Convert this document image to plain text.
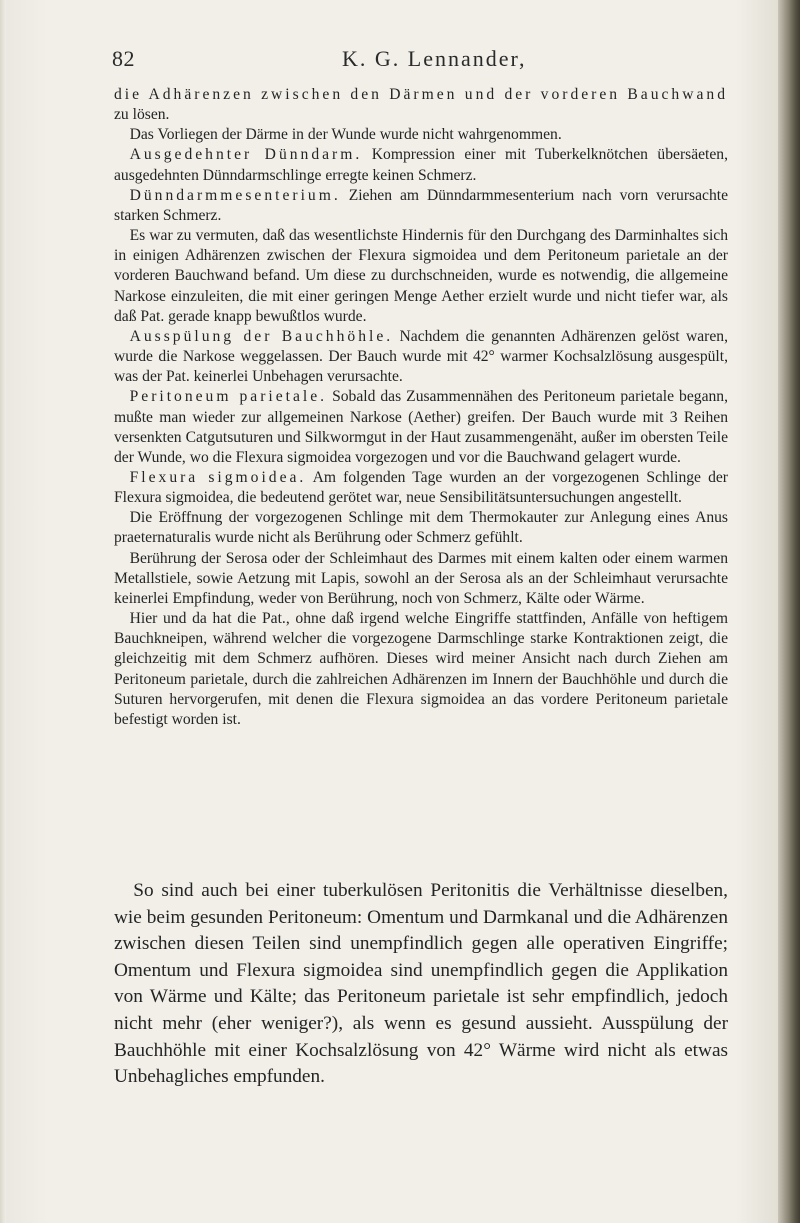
82	K. G. Lennander,

die Adhärenzen zwischen den Därmen und der vorderen Bauchwand zu lösen.

 Das Vorliegen der Därme in der Wunde wurde nicht wahrgenommen.

 Ausgedehnter Dünndarm. Kompression einer mit Tuberkelknötchen übersäeten, ausgedehnten Dünndarmschlinge erregte keinen Schmerz.

 Dünndarmmesenterium. Ziehen am Dünndarmmesenterium nach vorn verursachte starken Schmerz.

 Es war zu vermuten, daß das wesentlichste Hindernis für den Durchgang des Darminhaltes sich in einigen Adhärenzen zwischen der Flexura sigmoidea und dem Peritoneum parietale an der vorderen Bauchwand befand. Um diese zu durchschneiden, wurde es notwendig, die allgemeine Narkose einzuleiten, die mit einer geringen Menge Aether erzielt wurde und nicht tiefer war, als daß Pat. gerade knapp bewußtlos wurde.

 Ausspülung der Bauchhöhle. Nachdem die genannten Adhärenzen gelöst waren, wurde die Narkose weggelassen. Der Bauch wurde mit 42° warmer Kochsalzlösung ausgespült, was der Pat. keinerlei Unbehagen verursachte.

 Peritoneum parietale. Sobald das Zusammennähen des Peritoneum parietale begann, mußte man wieder zur allgemeinen Narkose (Aether) greifen. Der Bauch wurde mit 3 Reihen versenkten Catgutsuturen und Silkwormgut in der Haut zusammengenäht, außer im obersten Teile der Wunde, wo die Flexura sigmoidea vorgezogen und vor die Bauchwand gelagert wurde.

 Flexura sigmoidea. Am folgenden Tage wurden an der vorgezogenen Schlinge der Flexura sigmoidea, die bedeutend gerötet war, neue Sensibilitätsuntersuchungen angestellt.

 Die Eröffnung der vorgezogenen Schlinge mit dem Thermokauter zur Anlegung eines Anus praeternaturalis wurde nicht als Berührung oder Schmerz gefühlt.

 Berührung der Serosa oder der Schleimhaut des Darmes mit einem kalten oder einem warmen Metallstiele, sowie Aetzung mit Lapis, sowohl an der Serosa als an der Schleimhaut verursachte keinerlei Empfindung, weder von Berührung, noch von Schmerz, Kälte oder Wärme.

 Hier und da hat die Pat., ohne daß irgend welche Eingriffe stattfinden, Anfälle von heftigem Bauchkneipen, während welcher die vorgezogene Darmschlinge starke Kontraktionen zeigt, die gleichzeitig mit dem Schmerz aufhören. Dieses wird meiner Ansicht nach durch Ziehen am Peritoneum parietale, durch die zahlreichen Adhärenzen im Innern der Bauchhöhle und durch die Suturen hervorgerufen, mit denen die Flexura sigmoidea an das vordere Peritoneum parietale befestigt worden ist.

 So sind auch bei einer tuberkulösen Peritonitis die Verhältnisse dieselben, wie beim gesunden Peritoneum: Omentum und Darmkanal und die Adhärenzen zwischen diesen Teilen sind unempfindlich gegen alle operativen Eingriffe; Omentum und Flexura sigmoidea sind unempfindlich gegen die Applikation von Wärme und Kälte; das Peritoneum parietale ist sehr empfindlich, jedoch nicht mehr (eher weniger?), als wenn es gesund aussieht. Ausspülung der Bauchhöhle mit einer Kochsalzlösung von 42° Wärme wird nicht als etwas Unbehagliches empfunden.
